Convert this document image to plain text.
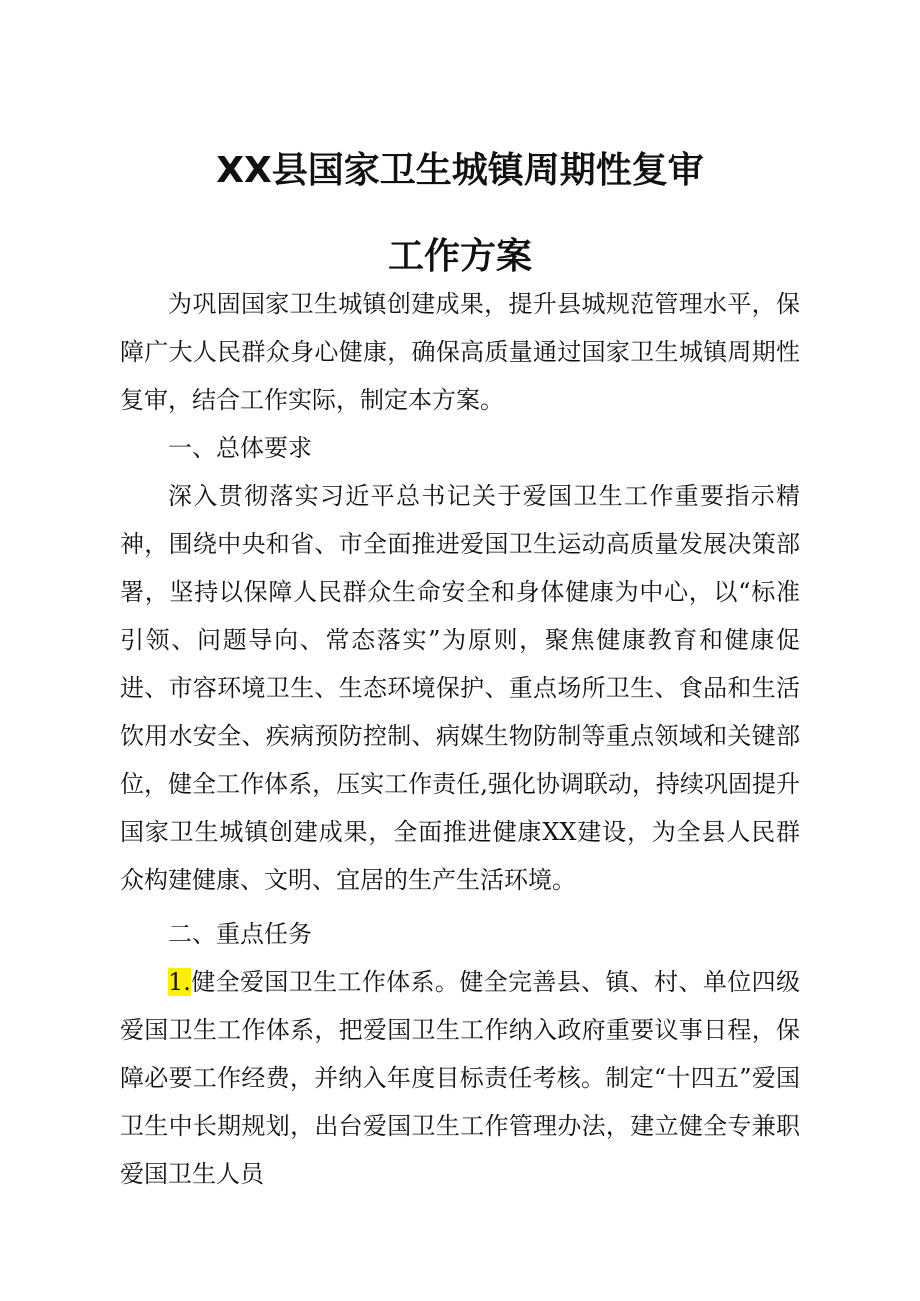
XX县国家卫生城镇周期性复审
工作方案

为巩固国家卫生城镇创建成果，提升县城规范管理水平，保障广大人民群众身心健康，确保高质量通过国家卫生城镇周期性复审，结合工作实际，制定本方案。

一、总体要求

深入贯彻落实习近平总书记关于爱国卫生工作重要指示精神，围绕中央和省、市全面推进爱国卫生运动高质量发展决策部署，坚持以保障人民群众生命安全和身体健康为中心，以“标准引领、问题导向、常态落实”为原则，聚焦健康教育和健康促进、市容环境卫生、生态环境保护、重点场所卫生、食品和生活饮用水安全、疾病预防控制、病媒生物防制等重点领域和关键部位，健全工作体系，压实工作责任,强化协调联动，持续巩固提升国家卫生城镇创建成果，全面推进健康XX建设，为全县人民群众构建健康、文明、宜居的生产生活环境。

二、重点任务

1.健全爱国卫生工作体系。健全完善县、镇、村、单位四级爱国卫生工作体系，把爱国卫生工作纳入政府重要议事日程，保障必要工作经费，并纳入年度目标责任考核。制定“十四五”爱国卫生中长期规划，出台爱国卫生工作管理办法，建立健全专兼职爱国卫生人员
